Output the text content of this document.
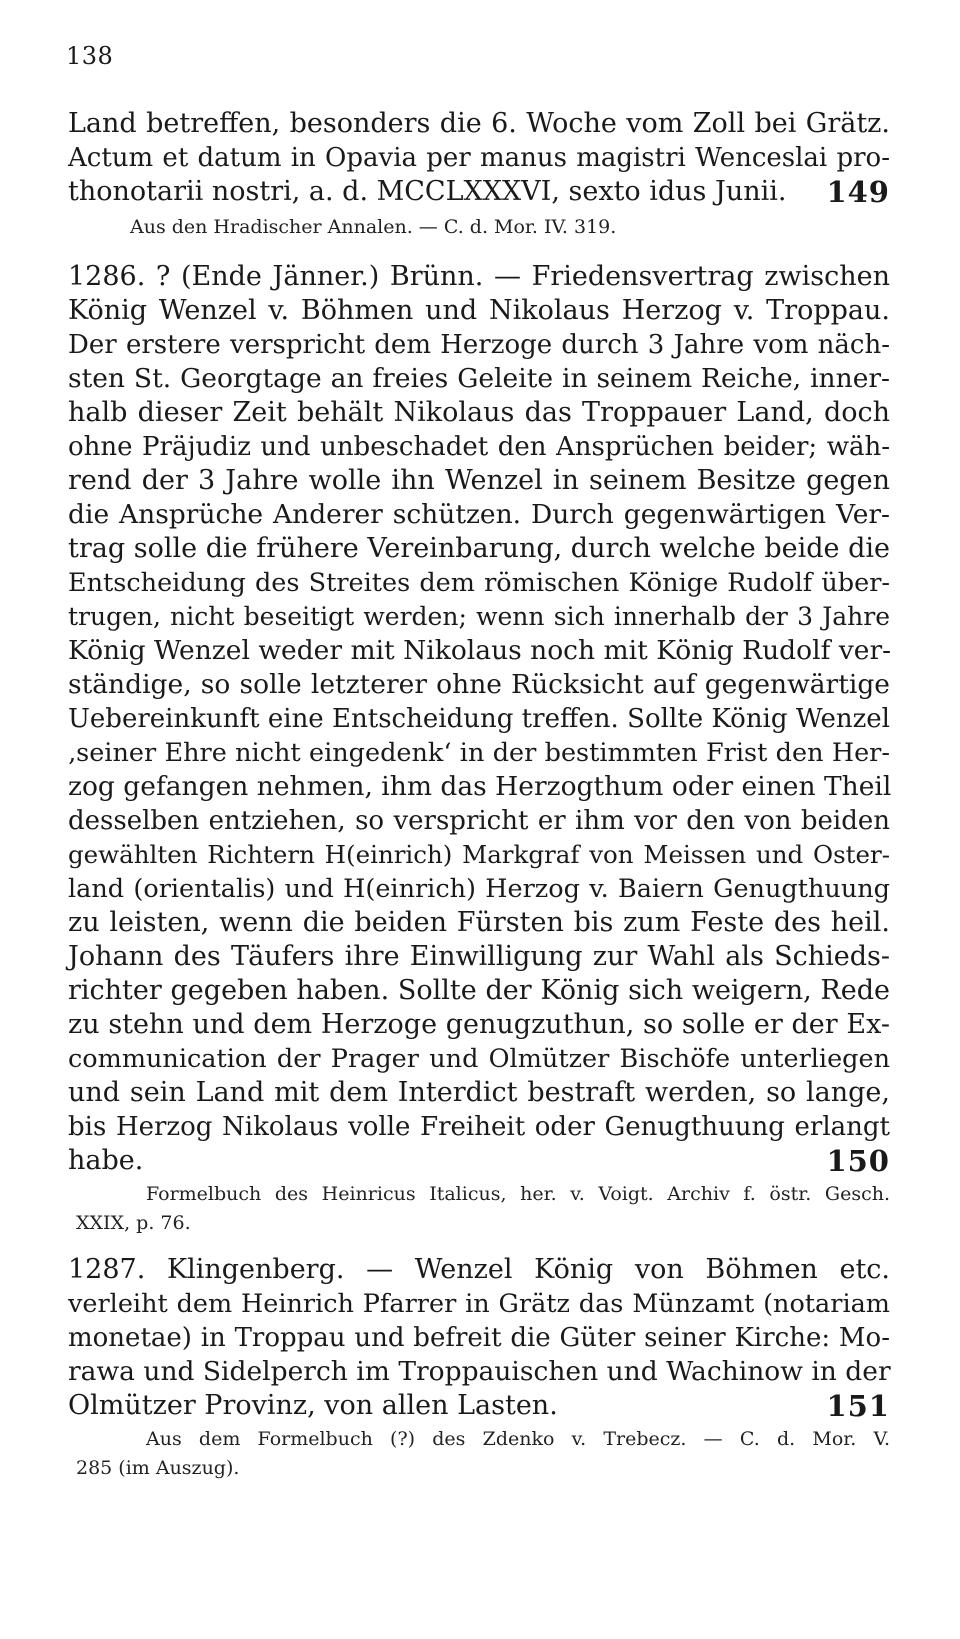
138
Land betreffen, besonders die 6. Woche vom Zoll bei Grätz.
Actum et datum in Opavia per manus magistri Wenceslai pro-
thonotarii nostri, a. d. MCCLXXXVI, sexto idus Junii. 149
Aus den Hradischer Annalen. — C. d. Mor. IV. 319.
1286. ? (Ende Jänner.) Brünn. — Friedensvertrag zwischen
König Wenzel v. Böhmen und Nikolaus Herzog v. Troppau.
Der erstere verspricht dem Herzoge durch 3 Jahre vom näch-
sten St. Georgtage an freies Geleite in seinem Reiche, inner-
halb dieser Zeit behält Nikolaus das Troppauer Land, doch
ohne Präjudiz und unbeschadet den Ansprüchen beider; wäh-
rend der 3 Jahre wolle ihn Wenzel in seinem Besitze gegen
die Ansprüche Anderer schützen. Durch gegenwärtigen Ver-
trag solle die frühere Vereinbarung, durch welche beide die
Entscheidung des Streites dem römischen Könige Rudolf über-
trugen, nicht beseitigt werden; wenn sich innerhalb der 3 Jahre
König Wenzel weder mit Nikolaus noch mit König Rudolf ver-
ständige, so solle letzterer ohne Rücksicht auf gegenwärtige
Uebereinkunft eine Entscheidung treffen. Sollte König Wenzel
‚seiner Ehre nicht eingedenk‘ in der bestimmten Frist den Her-
zog gefangen nehmen, ihm das Herzogthum oder einen Theil
desselben entziehen, so verspricht er ihm vor den von beiden
gewählten Richtern H(einrich) Markgraf von Meissen und Oster-
land (orientalis) und H(einrich) Herzog v. Baiern Genugthuung
zu leisten, wenn die beiden Fürsten bis zum Feste des heil.
Johann des Täufers ihre Einwilligung zur Wahl als Schieds-
richter gegeben haben. Sollte der König sich weigern, Rede
zu stehn und dem Herzoge genugzuthun, so solle er der Ex-
communication der Prager und Olmützer Bischöfe unterliegen
und sein Land mit dem Interdict bestraft werden, so lange,
bis Herzog Nikolaus volle Freiheit oder Genugthuung erlangt
habe.	150
Formelbuch des Heinricus Italicus, her. v. Voigt. Archiv f. östr. Gesch.
XXIX, p. 76.
1287. Klingenberg. — Wenzel König von Böhmen etc.
verleiht dem Heinrich Pfarrer in Grätz das Münzamt (notariam
monetae) in Troppau und befreit die Güter seiner Kirche: Mo-
rawa und Sidelperch im Troppauischen und Wachinow in der
Olmützer Provinz, von allen Lasten.	151
Aus dem Formelbuch (?) des Zdenko v. Trebecz. — C. d. Mor. V.
285 (im Auszug).
